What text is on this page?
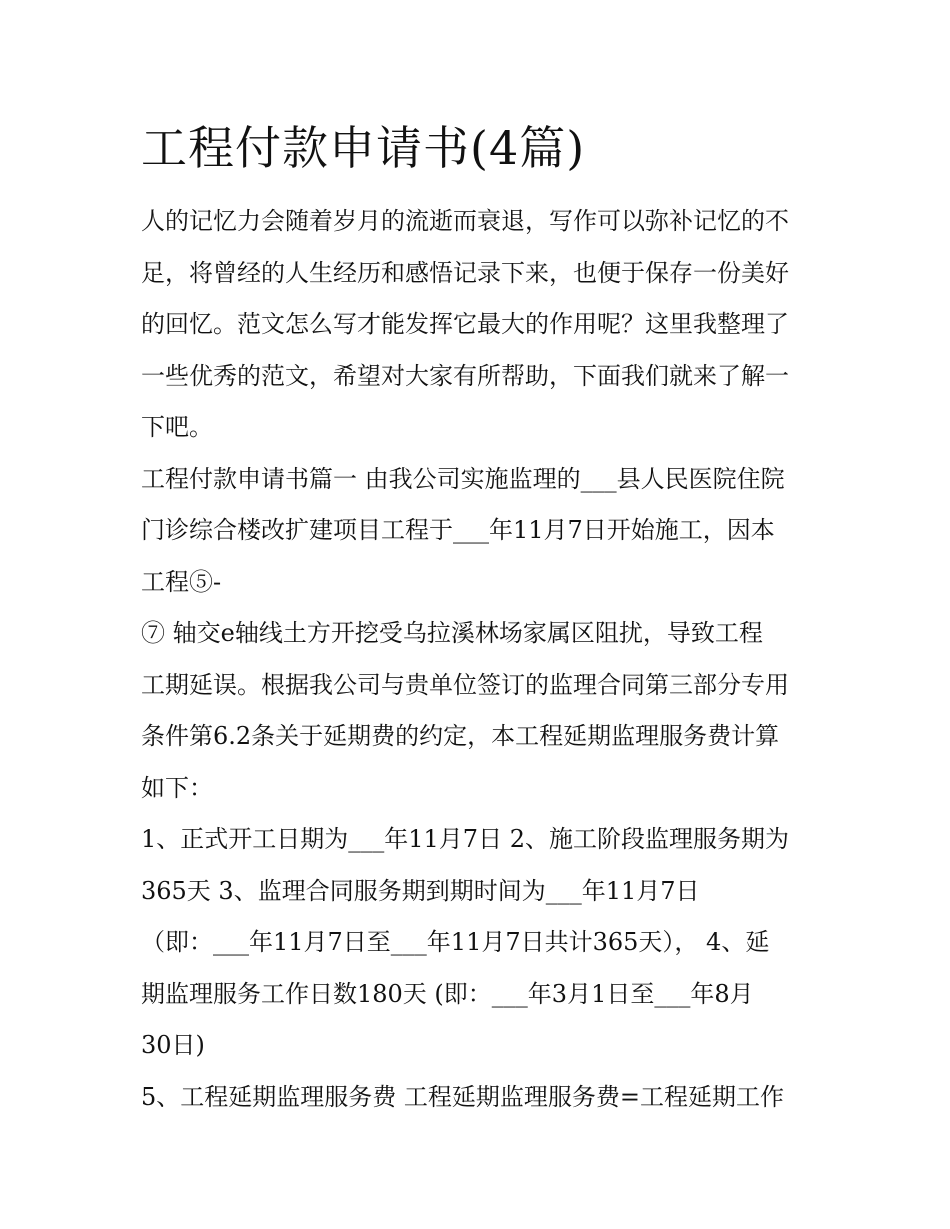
工程付款申请书(4篇)
人的记忆力会随着岁月的流逝而衰退，写作可以弥补记忆的不
足，将曾经的人生经历和感悟记录下来，也便于保存一份美好
的回忆。范文怎么写才能发挥它最大的作用呢？这里我整理了
一些优秀的范文，希望对大家有所帮助，下面我们就来了解一
下吧。
工程付款申请书篇一 由我公司实施监理的___县人民医院住院
门诊综合楼改扩建项目工程于___年11月7日开始施工，因本
工程⑤-
⑦ 轴交e轴线土方开挖受乌拉溪林场家属区阻扰，导致工程
工期延误。根据我公司与贵单位签订的监理合同第三部分专用
条件第6.2条关于延期费的约定，本工程延期监理服务费计算
如下：
1、正式开工日期为___年11月7日 2、施工阶段监理服务期为
365天 3、监理合同服务期到期时间为___年11月7日
（即：___年11月7日至___年11月7日共计365天）， 4、延
期监理服务工作日数180天 (即：___年3月1日至___年8月
30日)
5、工程延期监理服务费 工程延期监理服务费=工程延期工作
